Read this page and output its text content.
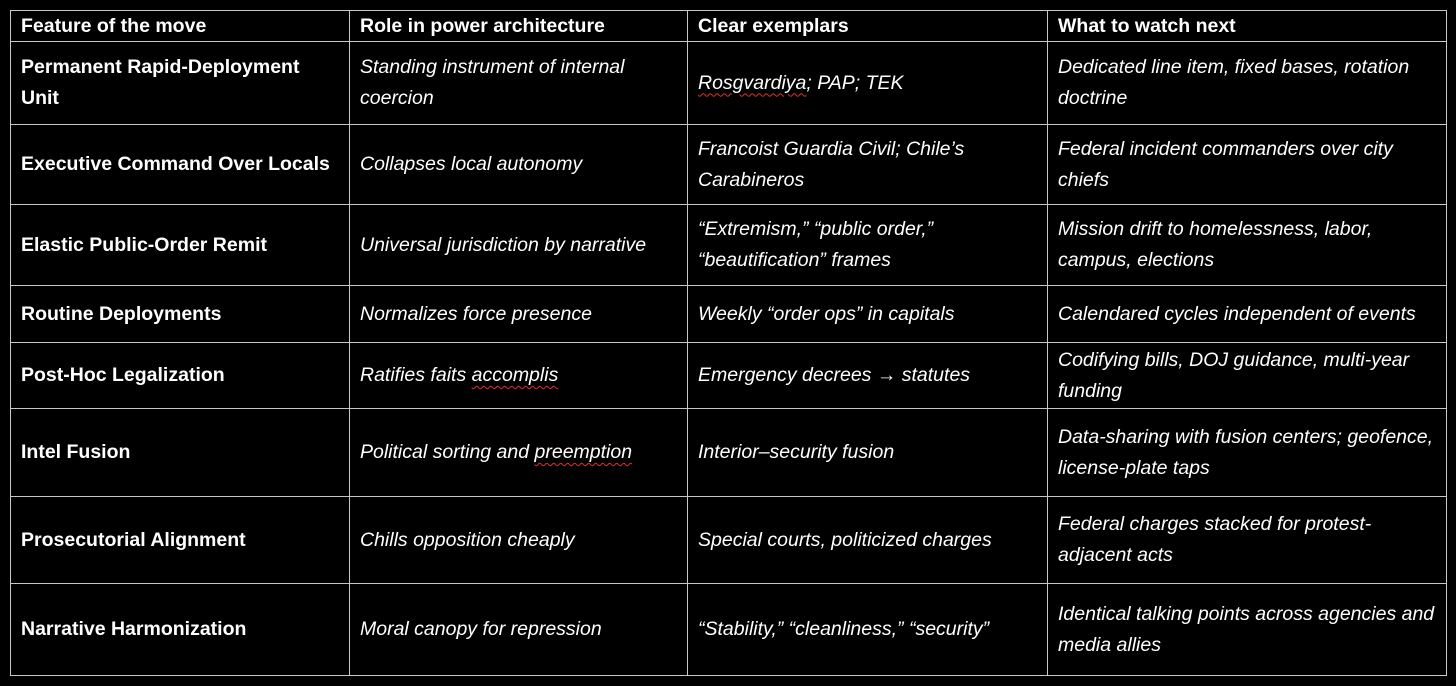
Feature of the move	Role in power architecture	Clear exemplars	What to watch next
Permanent Rapid-Deployment Unit	Standing instrument of internal coercion	Rosgvardiya; PAP; TEK	Dedicated line item, fixed bases, rotation doctrine
Executive Command Over Locals	Collapses local autonomy	Francoist Guardia Civil; Chile’s Carabineros	Federal incident commanders over city chiefs
Elastic Public-Order Remit	Universal jurisdiction by narrative	“Extremism,” “public order,” “beautification” frames	Mission drift to homelessness, labor, campus, elections
Routine Deployments	Normalizes force presence	Weekly “order ops” in capitals	Calendared cycles independent of events
Post-Hoc Legalization	Ratifies faits accomplis	Emergency decrees → statutes	Codifying bills, DOJ guidance, multi-year funding
Intel Fusion	Political sorting and preemption	Interior–security fusion	Data-sharing with fusion centers; geofence, license-plate taps
Prosecutorial Alignment	Chills opposition cheaply	Special courts, politicized charges	Federal charges stacked for protest-adjacent acts
Narrative Harmonization	Moral canopy for repression	“Stability,” “cleanliness,” “security”	Identical talking points across agencies and media allies
